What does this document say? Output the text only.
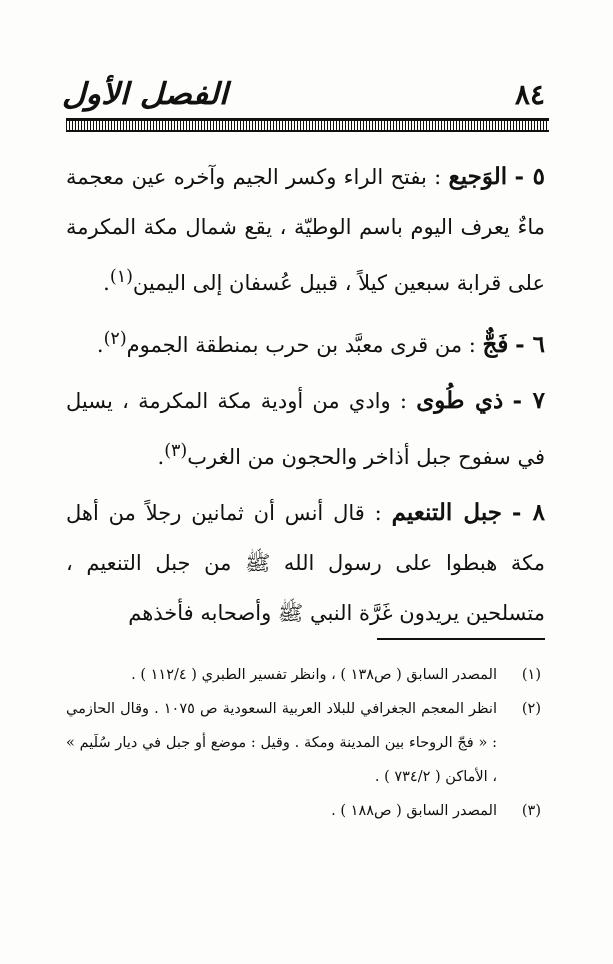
٨٤
الفصل الأول

٥ - الوَجيع : بفتح الراء وكسر الجيم وآخره عين معجمة ماءٌ يعرف اليوم باسم الوطيّة ، يقع شمال مكة المكرمة على قرابة سبعين كيلاً ، قبيل عُسفان إلى اليمين$^{(١)}$.

٦ - فَجٌّ : من قرى معبَّد بن حرب بمنطقة الجموم$^{(٢)}$.

٧ - ذي طُوى : وادي من أودية مكة المكرمة ، يسيل في سفوح جبل أذاخر والحجون من الغرب$^{(٣)}$.

٨ - جبل التنعيم : قال أنس أن ثمانين رجلاً من أهل مكة هبطوا على رسول الله ﷺ من جبل التنعيم ، متسلحين يريدون غَرَّة النبي ﷺ وأصحابه فأخذهم

(١)
المصدر السابق ( ص١٣٨ ) ، وانظر تفسير الطبري ( ١١٢/٤ ) .
(٢)
انظر المعجم الجغرافي للبلاد العربية السعودية ص ١٠٧٥ . وقال الحازمي : « فجّ الروحاء بين المدينة ومكة . وقيل : موضع أو جبل في ديار سُلَيم » ، الأماكن ( ٧٣٤/٢ ) .
(٣)
المصدر السابق ( ص١٨٨ ) .
